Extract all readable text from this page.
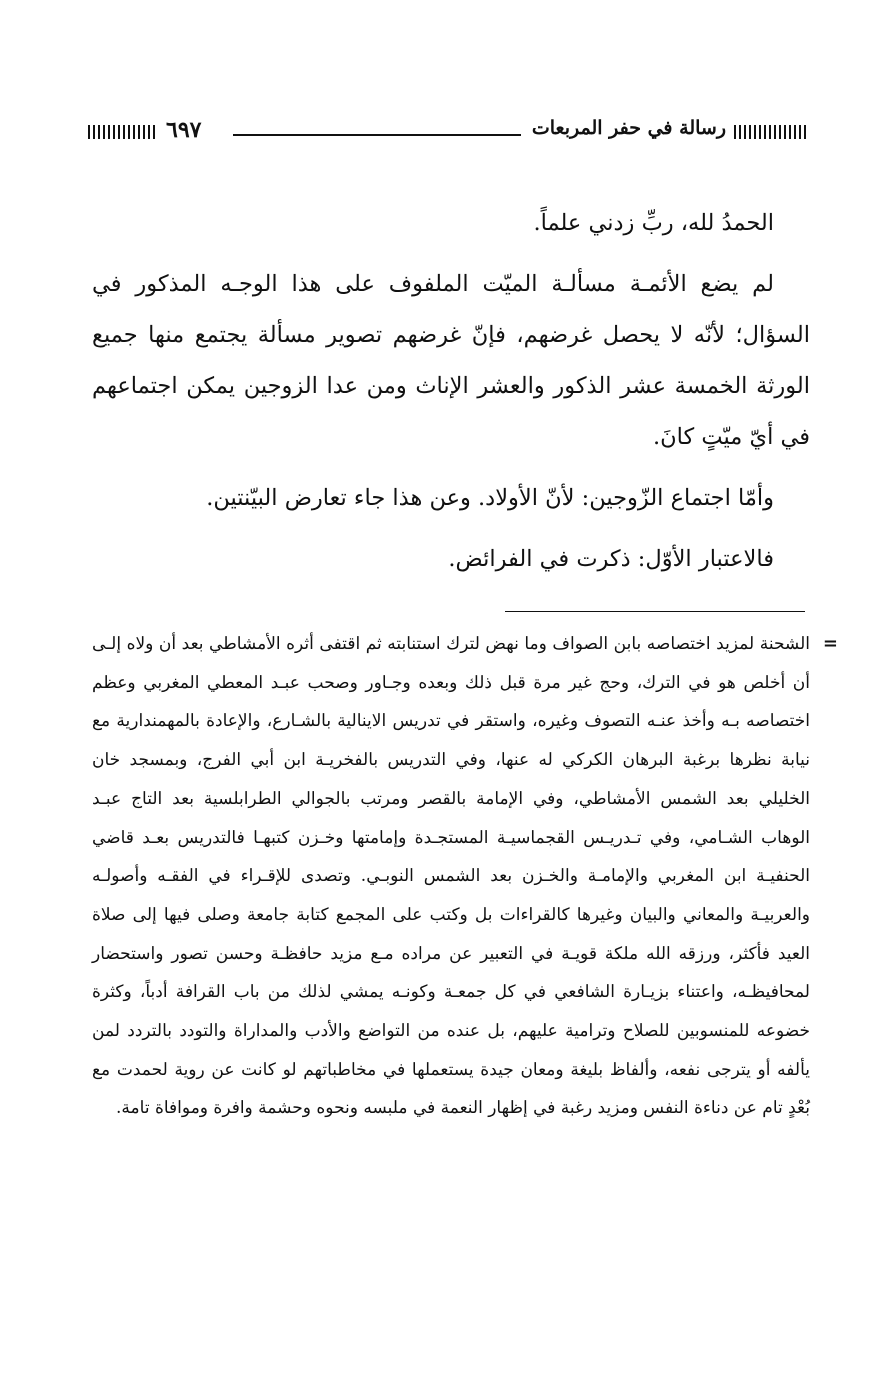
رسالة في حفر المربعات
٦٩٧

الحمدُ لله، ربِّ زدني علماً.

لم يضع الأئمـة مسألـة الميّت الملفوف على هذا الوجـه المذكور في السؤال؛ لأنّه لا يحصل غرضهم، فإنّ غرضهم تصوير مسألة يجتمع منها جميع الورثة الخمسة عشر الذكور والعشر الإناث ومن عدا الزوجين يمكن اجتماعهم في أيّ ميّتٍ كانَ.

وأمّا اجتماع الزّوجين: لأنّ الأولاد. وعن هذا جاء تعارض البيّنتين.

فالاعتبار الأوّل: ذكرت في الفرائض.

=
الشحنة لمزيد اختصاصه بابن الصواف وما نهض لترك استنابته ثم اقتفى أثره الأمشاطي بعد أن ولاه إلـى أن أخلص هو في الترك، وحج غير مرة قبل ذلك وبعده وجـاور وصحب عبـد المعطي المغربي وعظم اختصاصه بـه وأخذ عنـه التصوف وغيره، واستقر في تدريس الاينالية بالشـارع، والإعادة بالمهمندارية مع نيابة نظرها برغبة البرهان الكركي له عنها، وفي التدريس بالفخريـة ابن أبي الفرج، وبمسجد خان الخليلي بعد الشمس الأمشاطي، وفي الإمامة بالقصر ومرتب بالجوالي الطرابلسية بعد التاج عبـد الوهاب الشـامي، وفي تـدريـس القجماسيـة المستجـدة وإمامتها وخـزن كتبهـا فالتدريس بعـد قاضي الحنفيـة ابن المغربي والإمامـة والخـزن بعد الشمس النوبـي. وتصدى للإقـراء في الفقـه وأصولـه والعربيـة والمعاني والبيان وغيرها كالقراءات بل وكتب على المجمع كتابة جامعة وصلى فيها إلى صلاة العيد فأكثر، ورزقه الله ملكة قويـة في التعبير عن مراده مـع مزيد حافظـة وحسن تصور واستحضار لمحافيظـه، واعتناء بزيـارة الشافعي في كل جمعـة وكونـه يمشي لذلك من باب القرافة أدباً، وكثرة خضوعه للمنسوبين للصلاح وترامية عليهم، بل عنده من التواضع والأدب والمداراة والتودد بالتردد لمن يألفه أو يترجى نفعه، وألفاظ بليغة ومعان جيدة يستعملها في مخاطباتهم لو كانت عن روية لحمدت مع بُعْدٍ تام عن دناءة النفس ومزيد رغبة في إظهار النعمة في ملبسه ونحوه وحشمة وافرة وموافاة تامة.
